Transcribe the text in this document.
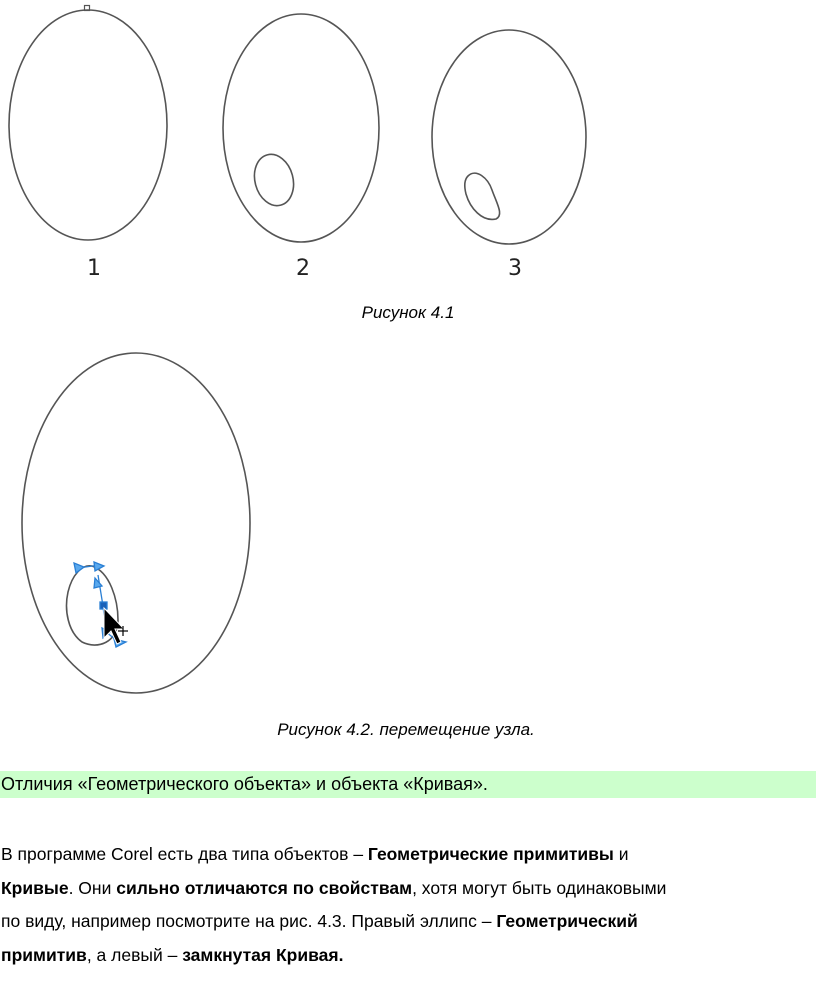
1	2	3
Рисунок 4.1
Рисунок 4.2. перемещение узла.
Отличия «Геометрического объекта» и объекта «Кривая».
В программе Corel есть два типа объектов – Геометрические примитивы и
Кривые. Они сильно отличаются по свойствам, хотя могут быть одинаковыми
по виду, например посмотрите на рис. 4.3. Правый эллипс – Геометрический
примитив, а левый – замкнутая Кривая.
